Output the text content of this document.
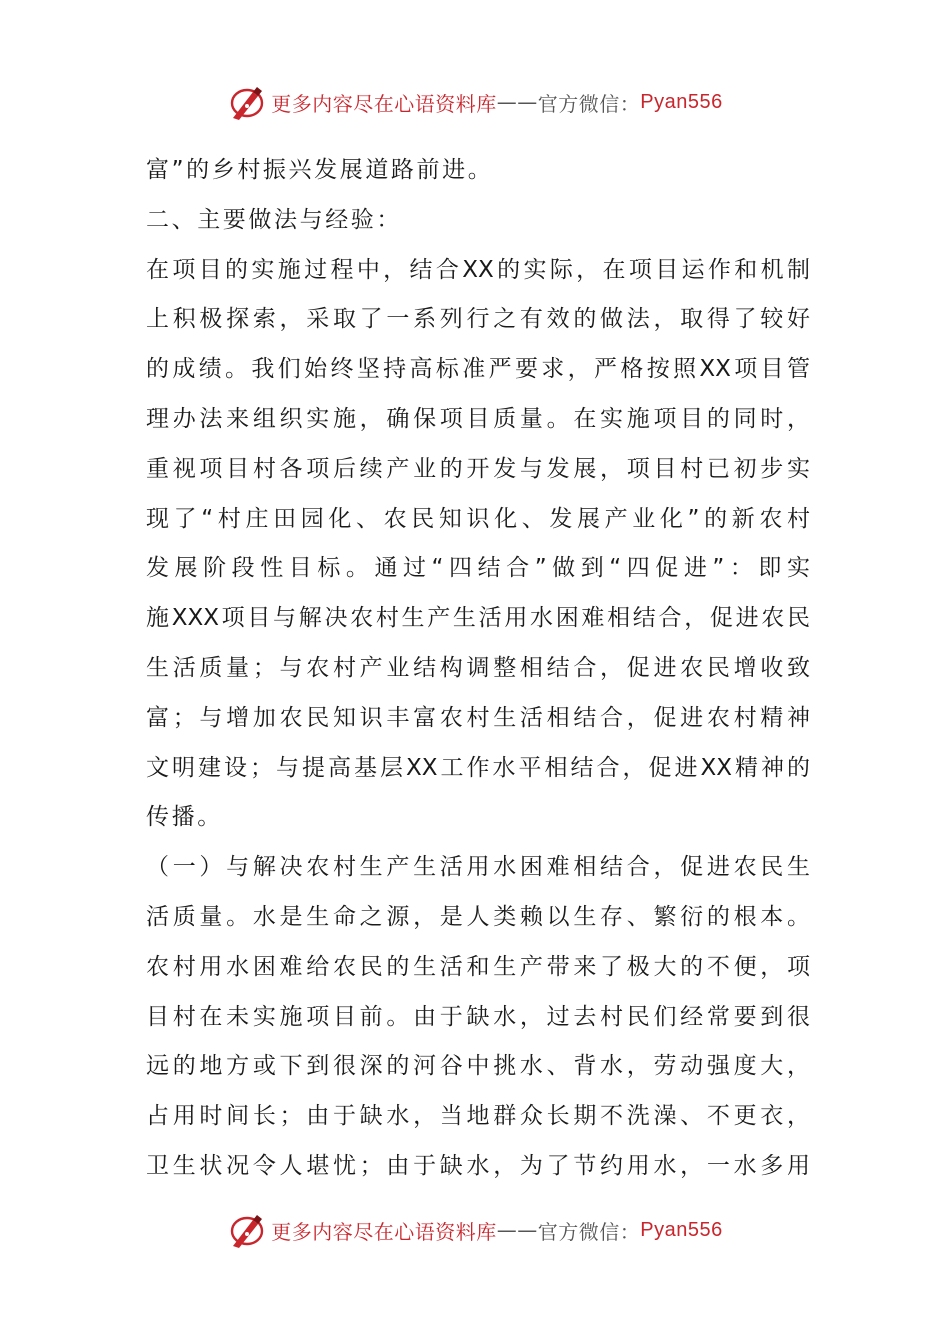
更多内容尽在心语资料库 —— 官方微信： Pyan556
富”的乡村振兴发展道路前进。
二、主要做法与经验：
在项目的实施过程中，结合XX的实际，在项目运作和机制
上积极探索，采取了一系列行之有效的做法，取得了较好
的成绩。我们始终坚持高标准严要求，严格按照XX项目管
理办法来组织实施，确保项目质量。在实施项目的同时，
重视项目村各项后续产业的开发与发展，项目村已初步实
现了“村庄田园化、农民知识化、发展产业化”的新农村
发展阶段性目标。通过“四结合”做到“四促进”：即实
施XXX项目与解决农村生产生活用水困难相结合，促进农民
生活质量；与农村产业结构调整相结合，促进农民增收致
富；与增加农民知识丰富农村生活相结合，促进农村精神
文明建设；与提高基层XX工作水平相结合，促进XX精神的
传播。
（一）与解决农村生产生活用水困难相结合，促进农民生
活质量。水是生命之源，是人类赖以生存、繁衍的根本。
农村用水困难给农民的生活和生产带来了极大的不便，项
目村在未实施项目前。由于缺水，过去村民们经常要到很
远的地方或下到很深的河谷中挑水、背水，劳动强度大，
占用时间长；由于缺水，当地群众长期不洗澡、不更衣，
卫生状况令人堪忧；由于缺水，为了节约用水，一水多用
更多内容尽在心语资料库 —— 官方微信： Pyan556
